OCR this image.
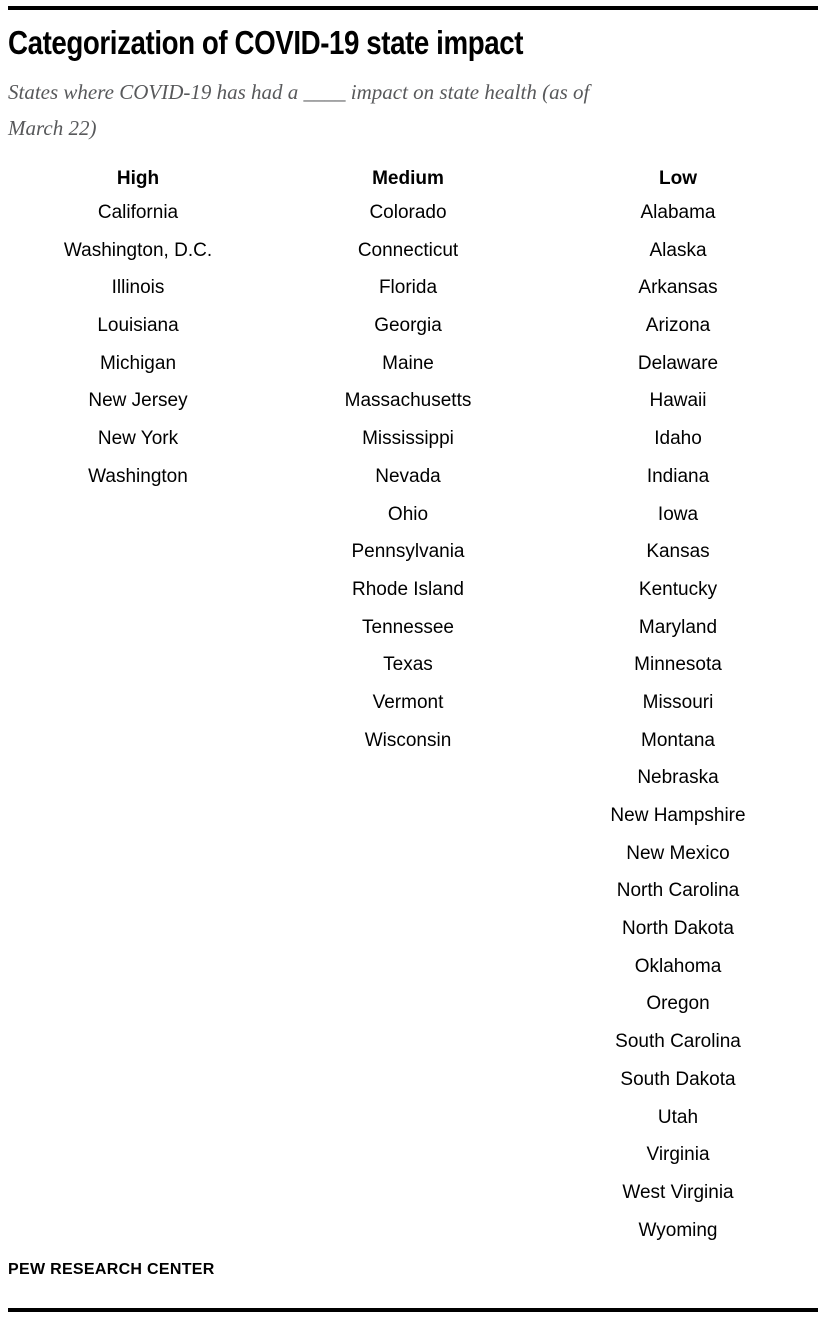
Categorization of COVID-19 state impact

States where COVID-19 has had a ____ impact on state health (as of
March 22)

High
California
Washington, D.C.
Illinois
Louisiana
Michigan
New Jersey
New York
Washington
Medium
Colorado
Connecticut
Florida
Georgia
Maine
Massachusetts
Mississippi
Nevada
Ohio
Pennsylvania
Rhode Island
Tennessee
Texas
Vermont
Wisconsin
Low
Alabama
Alaska
Arkansas
Arizona
Delaware
Hawaii
Idaho
Indiana
Iowa
Kansas
Kentucky
Maryland
Minnesota
Missouri
Montana
Nebraska
New Hampshire
New Mexico
North Carolina
North Dakota
Oklahoma
Oregon
South Carolina
South Dakota
Utah
Virginia
West Virginia
Wyoming
PEW RESEARCH CENTER
